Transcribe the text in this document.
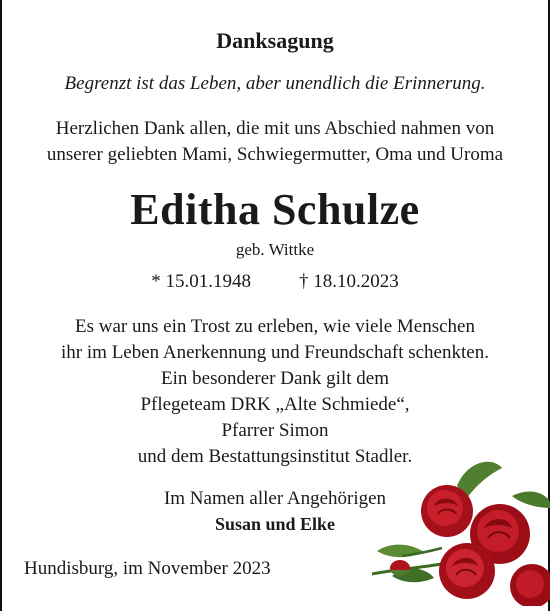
Danksagung
Begrenzt ist das Leben, aber unendlich die Erinnerung.
Herzlichen Dank allen, die mit uns Abschied nahmen von
unserer geliebten Mami, Schwiegermutter, Oma und Uroma
Editha Schulze
geb. Wittke
* 15.01.1948	† 18.10.2023
Es war uns ein Trost zu erleben, wie viele Menschen
ihr im Leben Anerkennung und Freundschaft schenkten.
Ein besonderer Dank gilt dem
Pflegeteam DRK „Alte Schmiede“,
Pfarrer Simon
und dem Bestattungsinstitut Stadler.
Im Namen aller Angehörigen
Susan und Elke
Hundisburg, im November 2023
